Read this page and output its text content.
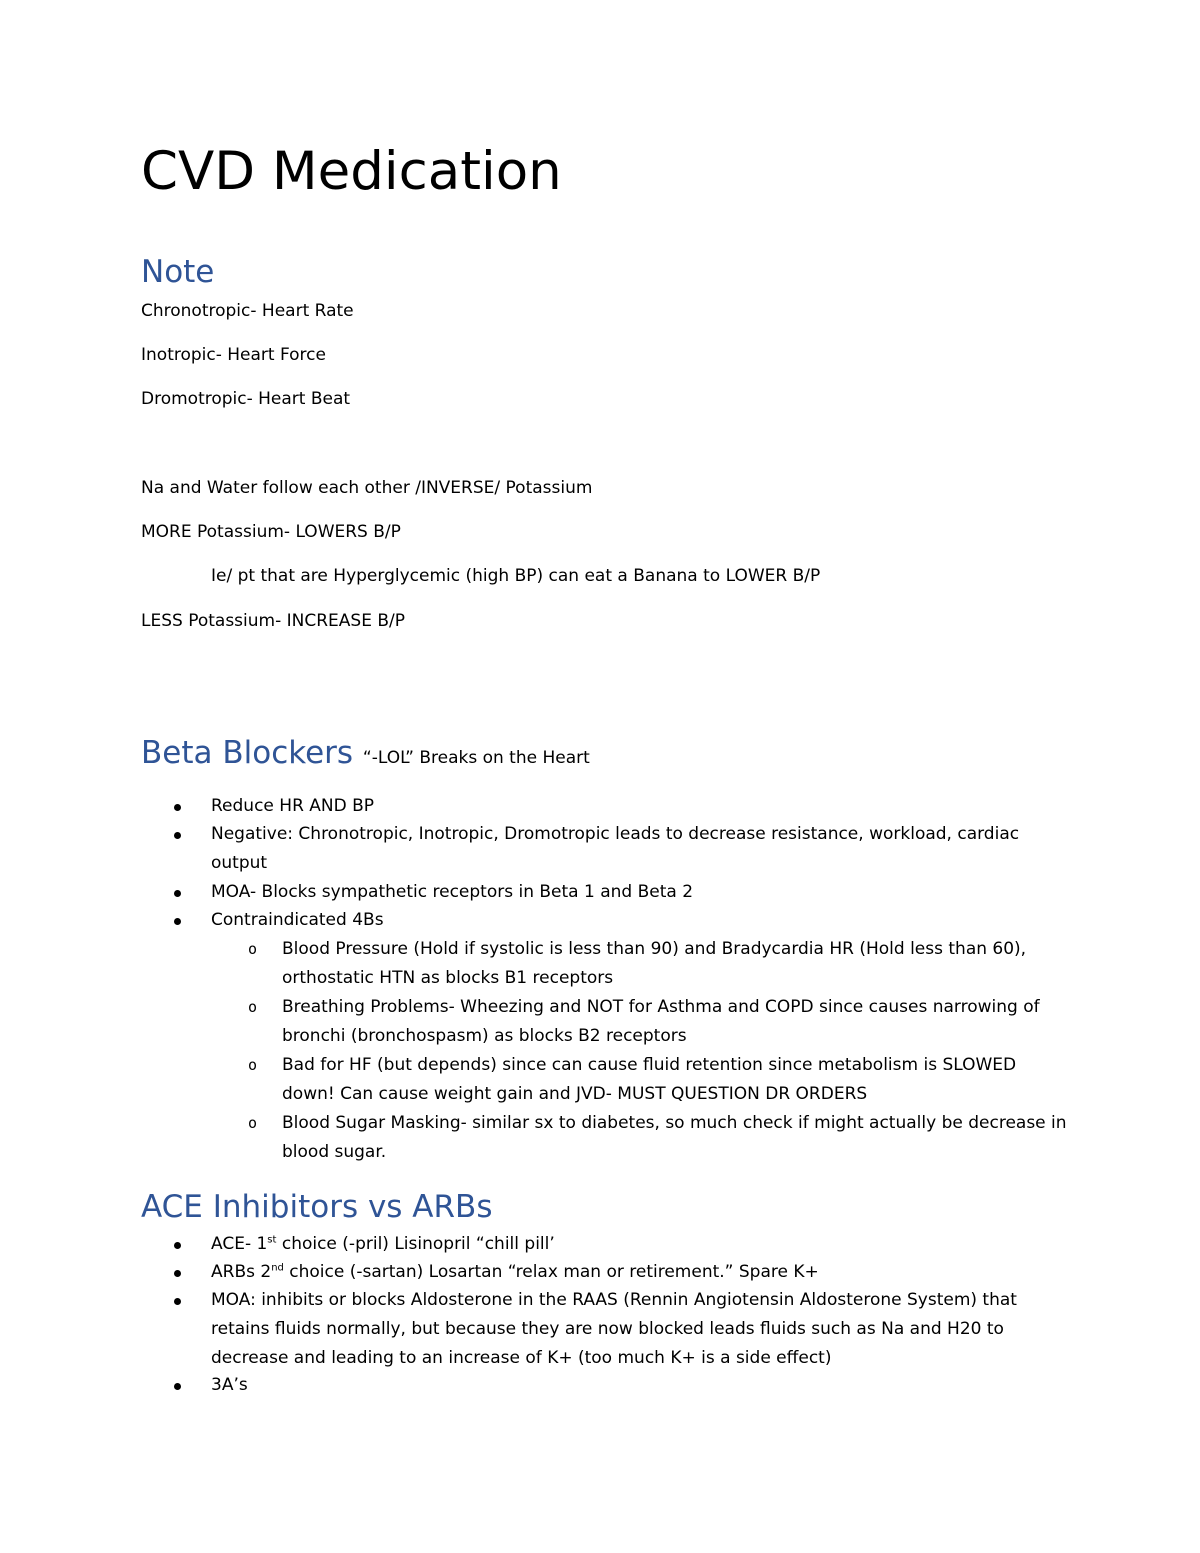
CVD Medication
Note

Chronotropic- Heart Rate

Inotropic- Heart Force

Dromotropic- Heart Beat

Na and Water follow each other /INVERSE/ Potassium

MORE Potassium- LOWERS B/P

Ie/ pt that are Hyperglycemic (high BP) can eat a Banana to LOWER B/P

LESS Potassium- INCREASE B/P

Beta Blockers “-LOL” Breaks on the Heart
Reduce HR AND BP
Negative: Chronotropic, Inotropic, Dromotropic leads to decrease resistance, workload, cardiac output
MOA- Blocks sympathetic receptors in Beta 1 and Beta 2
Contraindicated 4Bs
o Blood Pressure (Hold if systolic is less than 90) and Bradycardia HR (Hold less than 60), orthostatic HTN as blocks B1 receptors
o Breathing Problems- Wheezing and NOT for Asthma and COPD since causes narrowing of bronchi (bronchospasm) as blocks B2 receptors
o Bad for HF (but depends) since can cause fluid retention since metabolism is SLOWED down! Can cause weight gain and JVD- MUST QUESTION DR ORDERS
o Blood Sugar Masking- similar sx to diabetes, so much check if might actually be decrease in blood sugar.
ACE Inhibitors vs ARBs
ACE- 1st choice (-pril) Lisinopril “chill pill’
ARBs 2nd choice (-sartan) Losartan “relax man or retirement.” Spare K+
MOA: inhibits or blocks Aldosterone in the RAAS (Rennin Angiotensin Aldosterone System) that retains fluids normally, but because they are now blocked leads fluids such as Na and H20 to decrease and leading to an increase of K+ (too much K+ is a side effect)
3A’s
